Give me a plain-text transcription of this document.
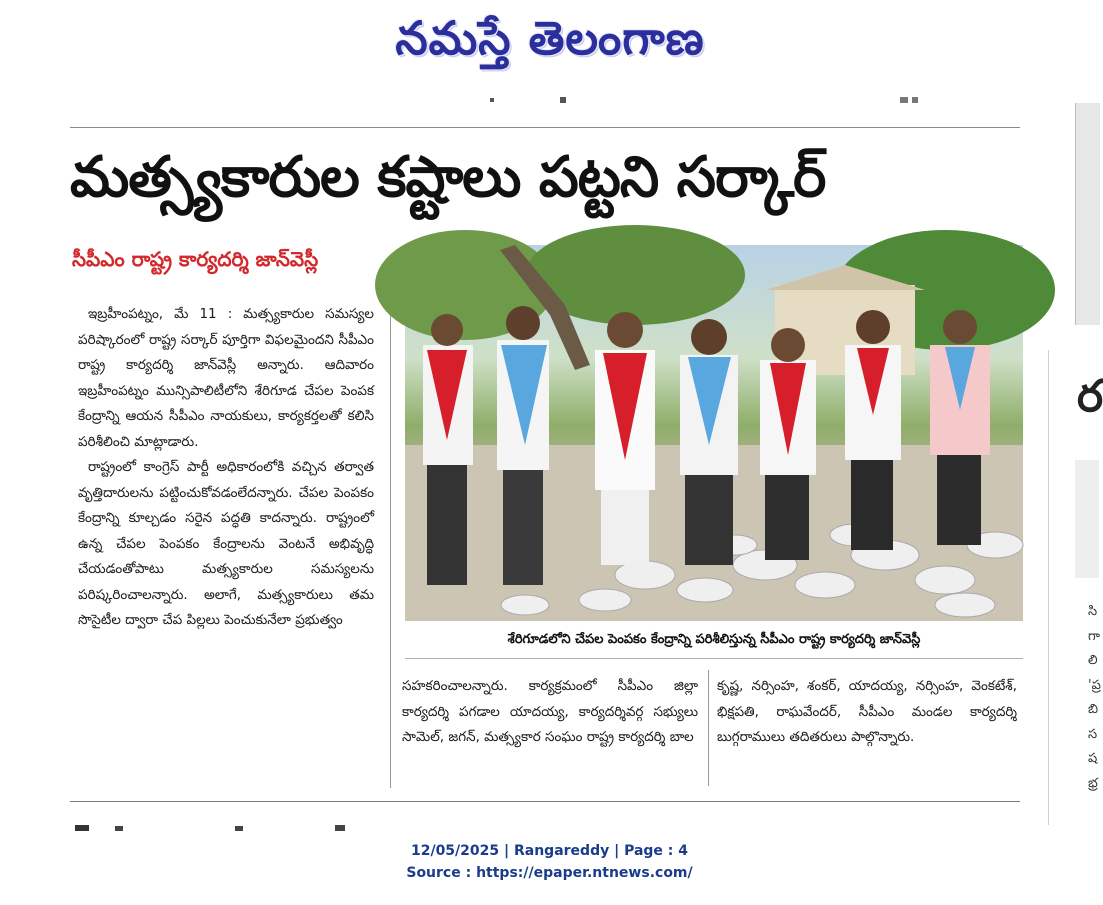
నమస్తే తెలంగాణ
మత్స్యకారుల కష్టాలు పట్టని సర్కార్
సీపీఎం రాష్ట్ర కార్యదర్శి జాన్‌వెస్లీ

ఇబ్రహీంపట్నం, మే 11 : మత్స్యకారుల సమస్యల పరిష్కారంలో రాష్ట్ర సర్కార్ పూర్తిగా విఫలమైందని సీపీఎం రాష్ట్ర కార్యదర్శి జాన్‌వెస్లీ అన్నారు. ఆదివారం ఇబ్రహీంపట్నం మున్సిపాలిటీలోని శేరిగూడ చేపల పెంపక కేంద్రాన్ని ఆయన సీపీఎం నాయకులు, కార్యకర్తలతో కలిసి పరిశీలించి మాట్లాడారు.

రాష్ట్రంలో కాంగ్రెస్ పార్టీ అధికారంలోకి వచ్చిన తర్వాత వృత్తిదారులను పట్టించుకోవడంలేదన్నారు. చేపల పెంపకం కేంద్రాన్ని కూల్చడం సరైన పద్ధతి కాదన్నారు. రాష్ట్రంలో ఉన్న చేపల పెంపకం కేంద్రాలను వెంటనే అభివృద్ధి చేయడంతోపాటు మత్స్యకారుల సమస్యలను పరిష్కరించాలన్నారు. అలాగే, మత్స్యకారులు తమ సొసైటీల ద్వారా చేప పిల్లలు పెంచుకునేలా ప్రభుత్వం

శేరిగూడలోని చేపల పెంపకం కేంద్రాన్ని పరిశీలిస్తున్న సీపీఎం రాష్ట్ర కార్యదర్శి జాన్‌వెస్లీ
సహకరించాలన్నారు. కార్యక్రమంలో సీపీఎం జిల్లా కార్యదర్శి పగడాల యాదయ్య, కార్యదర్శివర్గ సభ్యులు సామెల్, జగన్, మత్స్యకార సంఘం రాష్ట్ర కార్యదర్శి బాల
కృష్ణ, నర్సింహ, శంకర్, యాదయ్య, నర్సింహ, వెంకటేశ్, భిక్షపతి, రాఘవేందర్, సీపీఎం మండల కార్యదర్శి బుగ్గరాములు తదితరులు పాల్గొన్నారు.
ర
సి గా లి 'ప్ర బి స ష భ్ర
12/05/2025 | Rangareddy | Page : 4
Source : https://epaper.ntnews.com/
